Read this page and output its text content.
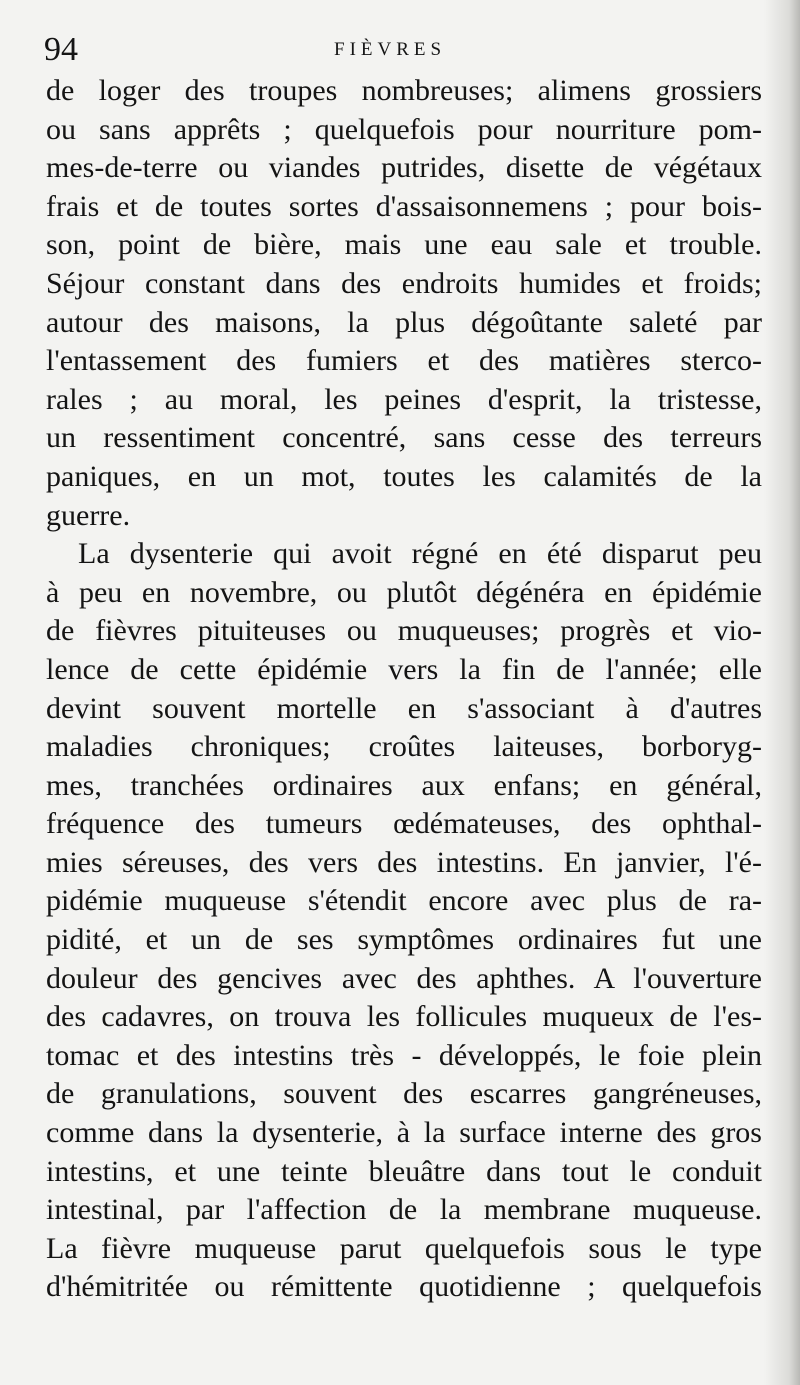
94	FIÈVRES
de loger des troupes nombreuses; alimens grossiers
ou sans apprêts ; quelquefois pour nourriture pom-
mes-de-terre ou viandes putrides, disette de végétaux
frais et de toutes sortes d'assaisonnemens ; pour bois-
son, point de bière, mais une eau sale et trouble.
Séjour constant dans des endroits humides et froids;
autour des maisons, la plus dégoûtante saleté par
l'entassement des fumiers et des matières sterco-
rales ; au moral, les peines d'esprit, la tristesse,
un ressentiment concentré, sans cesse des terreurs
paniques, en un mot, toutes les calamités de la
guerre.
La dysenterie qui avoit régné en été disparut peu
à peu en novembre, ou plutôt dégénéra en épidémie
de fièvres pituiteuses ou muqueuses; progrès et vio-
lence de cette épidémie vers la fin de l'année; elle
devint souvent mortelle en s'associant à d'autres
maladies chroniques; croûtes laiteuses, borboryg-
mes, tranchées ordinaires aux enfans; en général,
fréquence des tumeurs œdémateuses, des ophthal-
mies séreuses, des vers des intestins. En janvier, l'é-
pidémie muqueuse s'étendit encore avec plus de ra-
pidité, et un de ses symptômes ordinaires fut une
douleur des gencives avec des aphthes. A l'ouverture
des cadavres, on trouva les follicules muqueux de l'es-
tomac et des intestins très - développés, le foie plein
de granulations, souvent des escarres gangréneuses,
comme dans la dysenterie, à la surface interne des gros
intestins, et une teinte bleuâtre dans tout le conduit
intestinal, par l'affection de la membrane muqueuse.
La fièvre muqueuse parut quelquefois sous le type
d'hémitritée ou rémittente quotidienne ; quelquefois
